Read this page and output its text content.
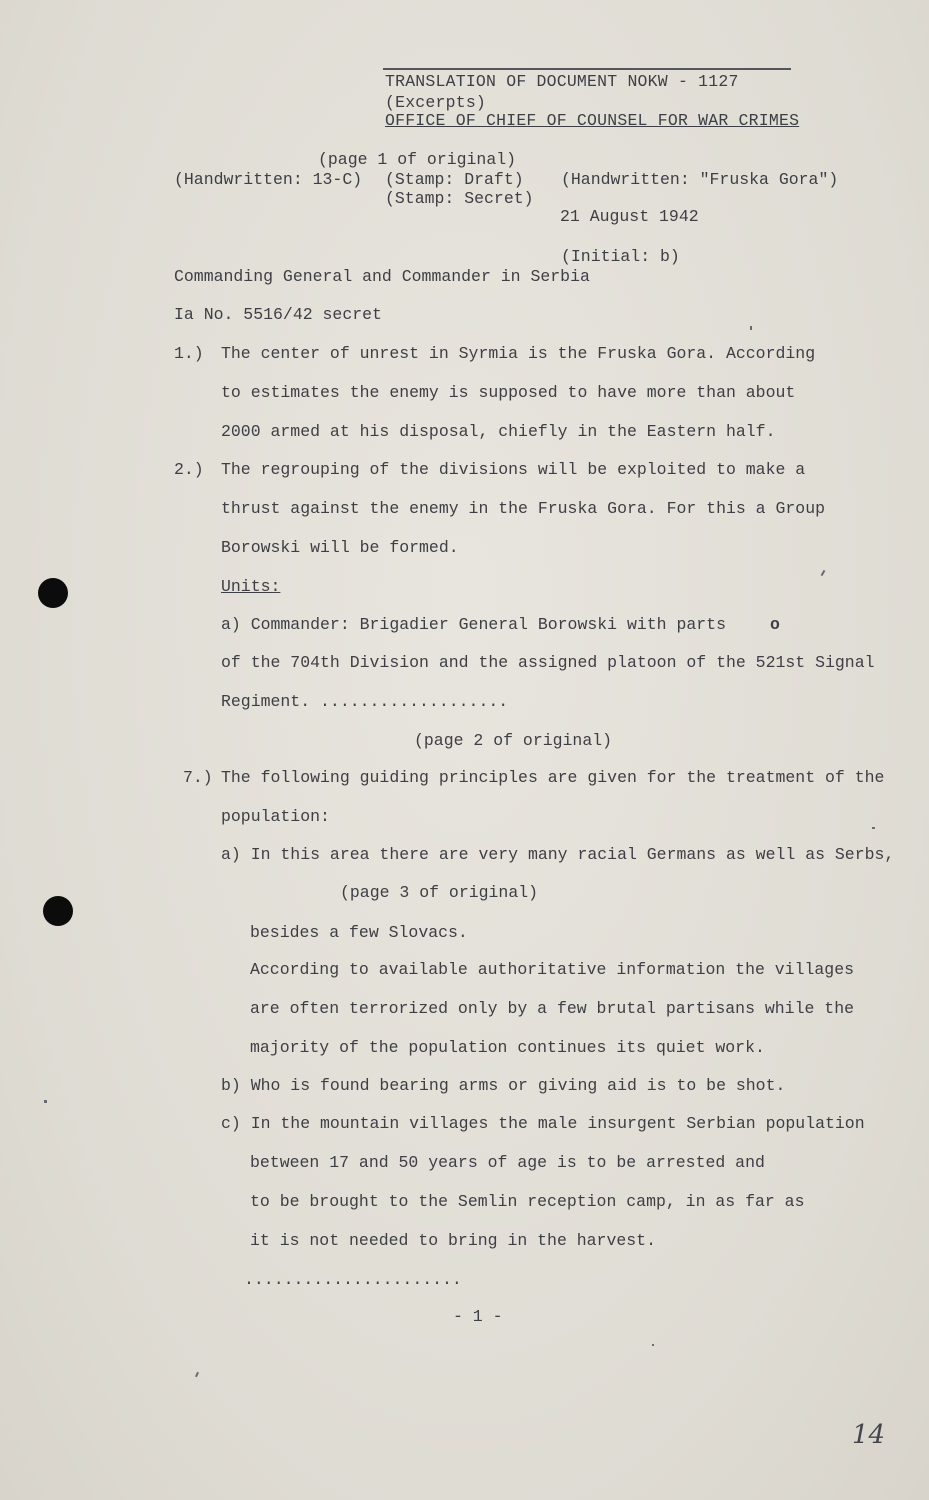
TRANSLATION OF DOCUMENT NOKW - 1127
(Excerpts)
OFFICE OF CHIEF OF COUNSEL FOR WAR CRIMES
(page 1 of original)
(Handwritten: 13-C) (Stamp: Draft)
(Stamp: Secret)
(Handwritten: "Fruska Gora")
21 August 1942
(Initial: b)
Commanding General and Commander in Serbia
Ia No. 5516/42 secret
1.) The center of unrest in Syrmia is the Fruska Gora. According
to estimates the enemy is supposed to have more than about
2000 armed at his disposal, chiefly in the Eastern half.
2.) The regrouping of the divisions will be exploited to make a
thrust against the enemy in the Fruska Gora. For this a Group
Borowski will be formed.
Units:
a) Commander: Brigadier General Borowski with parts	o
of the 704th Division and the assigned platoon of the 521st Signal
Regiment. ...................
(page 2 of original)
7.) The following guiding principles are given for the treatment of the
population:
a) In this area there are very many racial Germans as well as Serbs,
(page 3 of original)
besides a few Slovacs.
According to available authoritative information the villages
are often terrorized only by a few brutal partisans while the
majority of the population continues its quiet work.
b) Who is found bearing arms or giving aid is to be shot.
c) In the mountain villages the male insurgent Serbian population
between 17 and 50 years of age is to be arrested and
to be brought to the Semlin reception camp, in as far as
it is not needed to bring in the harvest.
......................
- 1 -
14
